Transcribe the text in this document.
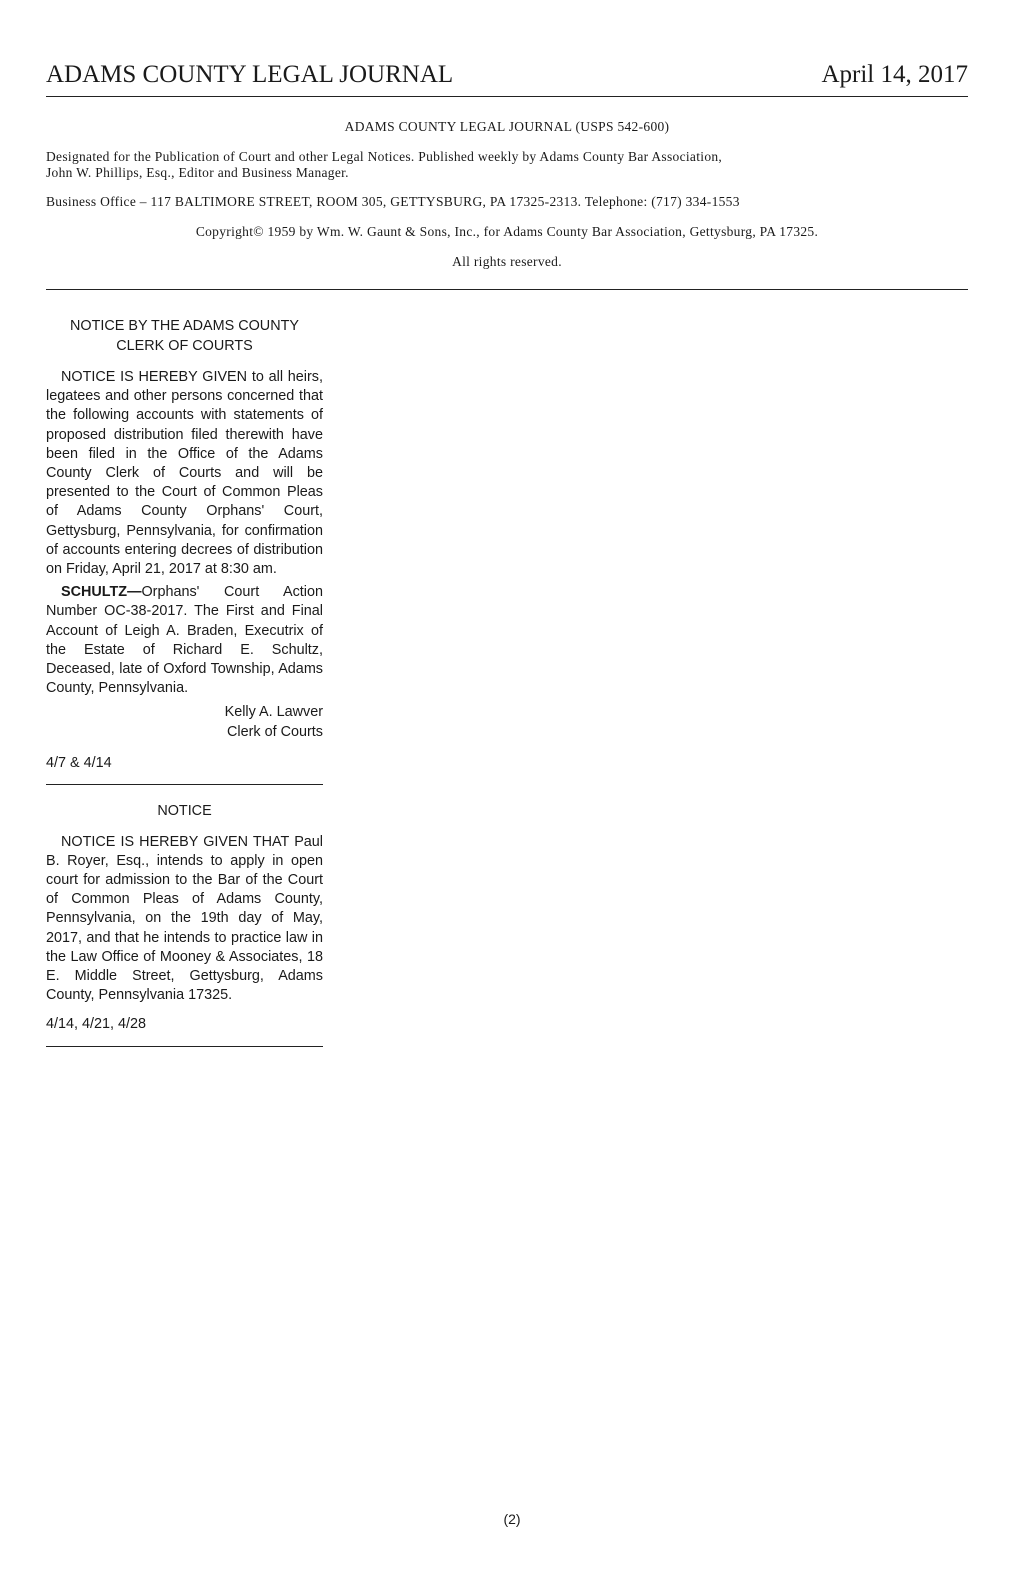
ADAMS COUNTY LEGAL JOURNAL	April 14, 2017
ADAMS COUNTY LEGAL JOURNAL (USPS 542-600)
Designated for the Publication of Court and other Legal Notices. Published weekly by Adams County Bar Association,
John W. Phillips, Esq., Editor and Business Manager.
Business Office – 117 BALTIMORE STREET, ROOM 305, GETTYSBURG, PA 17325-2313. Telephone: (717) 334-1553
Copyright© 1959 by Wm. W. Gaunt & Sons, Inc., for Adams County Bar Association, Gettysburg, PA 17325.
All rights reserved.
NOTICE BY THE ADAMS COUNTY
CLERK OF COURTS

NOTICE IS HEREBY GIVEN to all heirs, legatees and other persons concerned that the following accounts with statements of proposed distribution filed therewith have been filed in the Office of the Adams County Clerk of Courts and will be presented to the Court of Common Pleas of Adams County Orphans' Court, Gettysburg, Pennsylvania, for confirmation of accounts entering decrees of distribution on Friday, April 21, 2017 at 8:30 am.

SCHULTZ—Orphans' Court Action Number OC-38-2017. The First and Final Account of Leigh A. Braden, Executrix of the Estate of Richard E. Schultz, Deceased, late of Oxford Township, Adams County, Pennsylvania.

Kelly A. Lawver
Clerk of Courts
4/7 & 4/14
NOTICE

NOTICE IS HEREBY GIVEN THAT Paul B. Royer, Esq., intends to apply in open court for admission to the Bar of the Court of Common Pleas of Adams County, Pennsylvania, on the 19th day of May, 2017, and that he intends to practice law in the Law Office of Mooney & Associates, 18 E. Middle Street, Gettysburg, Adams County, Pennsylvania 17325.

4/14, 4/21, 4/28
(2)
